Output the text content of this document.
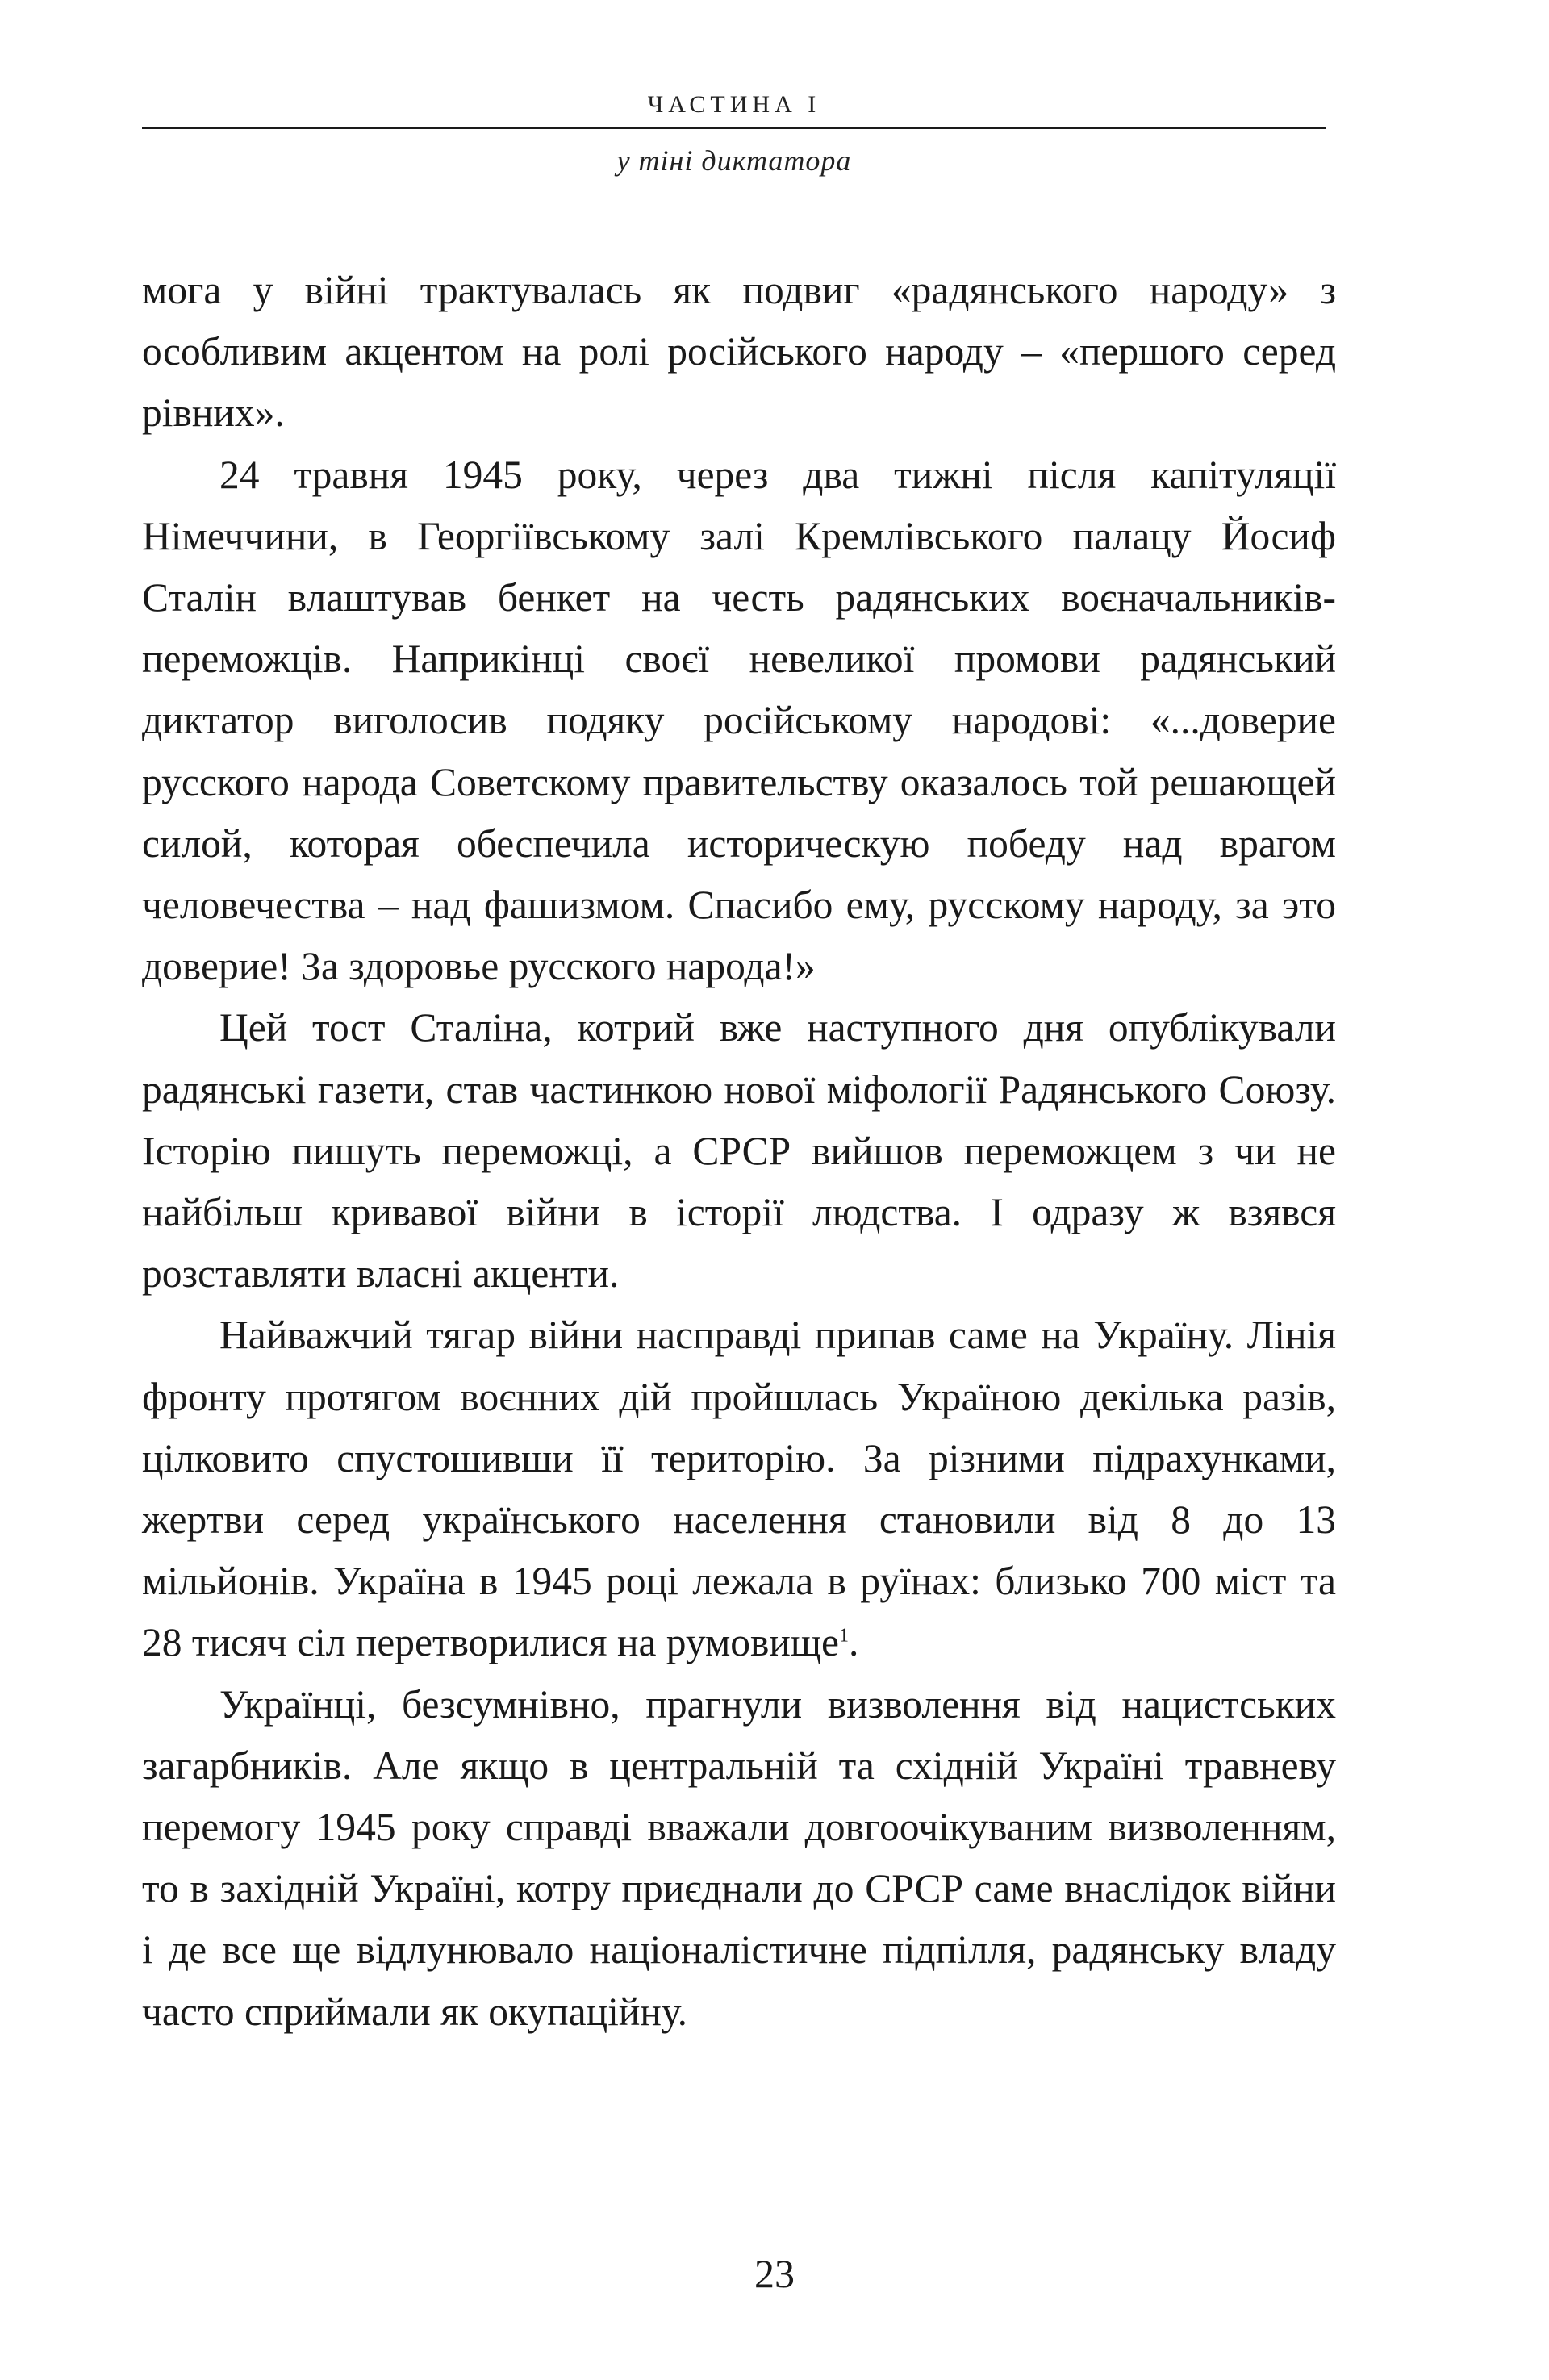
ЧАСТИНА I
у тіні диктатора

мога у війні трактувалась як подвиг «радянського народу» з особливим акцентом на ролі російського народу – «першого серед рівних».

24 травня 1945 року, через два тижні після капітуляції Німеччини, в Георгіївському залі Кремлівського палацу Йосиф Сталін влаштував бенкет на честь радянських воєначальників-переможців. Наприкінці своєї невеликої промови радянський диктатор виголосив подяку російському народові: «...доверие русского народа Советскому правительству оказалось той решающей силой, которая обеспечила историческую победу над врагом человечества – над фашизмом. Спасибо ему, русскому народу, за это доверие! За здоровье русского народа!»

Цей тост Сталіна, котрий вже наступного дня опублікували радянські газети, став частинкою нової міфології Радянського Союзу. Історію пишуть переможці, а СРСР вийшов переможцем з чи не найбільш кривавої війни в історії людства. І одразу ж взявся розставляти власні акценти.

Найважчий тягар війни насправді припав саме на Україну. Лінія фронту протягом воєнних дій пройшлась Україною декілька разів, цілковито спустошивши її територію. За різними підрахунками, жертви серед українського населення становили від 8 до 13 мільйонів. Україна в 1945 році лежала в руїнах: близько 700 міст та 28 тисяч сіл перетворилися на румовище$^1$.

Українці, безсумнівно, прагнули визволення від нацистських загарбників. Але якщо в центральній та східній Україні травневу перемогу 1945 року справді вважали довгоочікуваним визволенням, то в західній Україні, котру приєднали до СРСР саме внаслідок війни і де все ще відлунювало націоналістичне підпілля, радянську владу часто сприймали як окупаційну.

23
